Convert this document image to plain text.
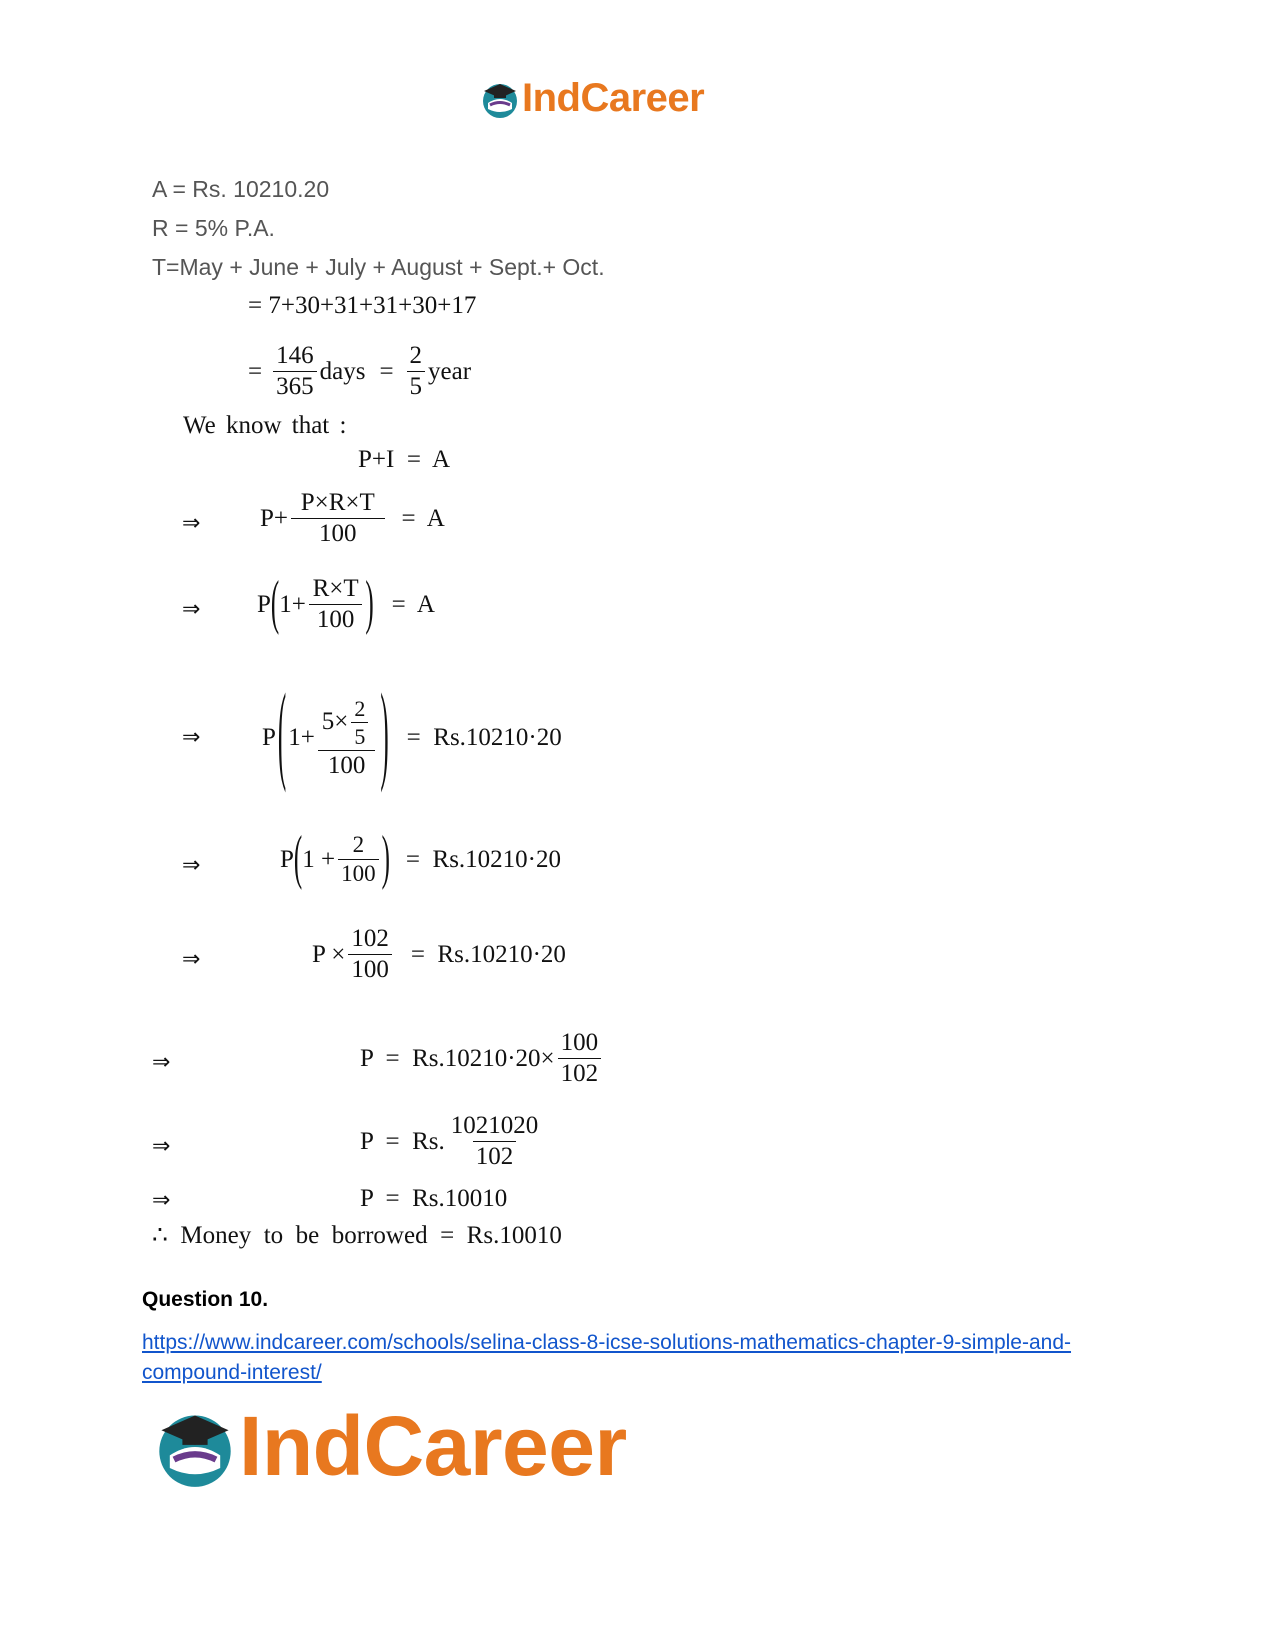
IndCareer
A = Rs. 10210.20
R = 5% P.A.
T=May + June + July + August + Sept.+ Oct.
= 7+30+31+31+30+17
= $\frac{146}{365}$ days = $\frac{2}{5}$ year
We know that :
P+I  =  A
⇒ $P+ \frac{P\times R\times T}{100} = A$
⇒ P ( $1+ \frac{R\times T}{100}$ ) =  A
⇒ P ( $1+ \frac{5\times \frac{2}{5}}{100}$ ) =  Rs.10210·20
⇒	P ( $1 + \frac{2}{100}$ ) =  Rs.10210·20
⇒	$P \times \frac{102}{100} = Rs.10210\cdot 20$
⇒	$P = Rs.10210\cdot 20\times \frac{100}{102}$
⇒	P  =  Rs. $\frac{1021020}{102}$
⇒	P  =  Rs.10010
∴  Money  to  be  borrowed  =  Rs.10010
Question 10.
https://www.indcareer.com/schools/selina-class-8-icse-solutions-mathematics-chapter-9-simple-and-compound-interest/
IndCareer
